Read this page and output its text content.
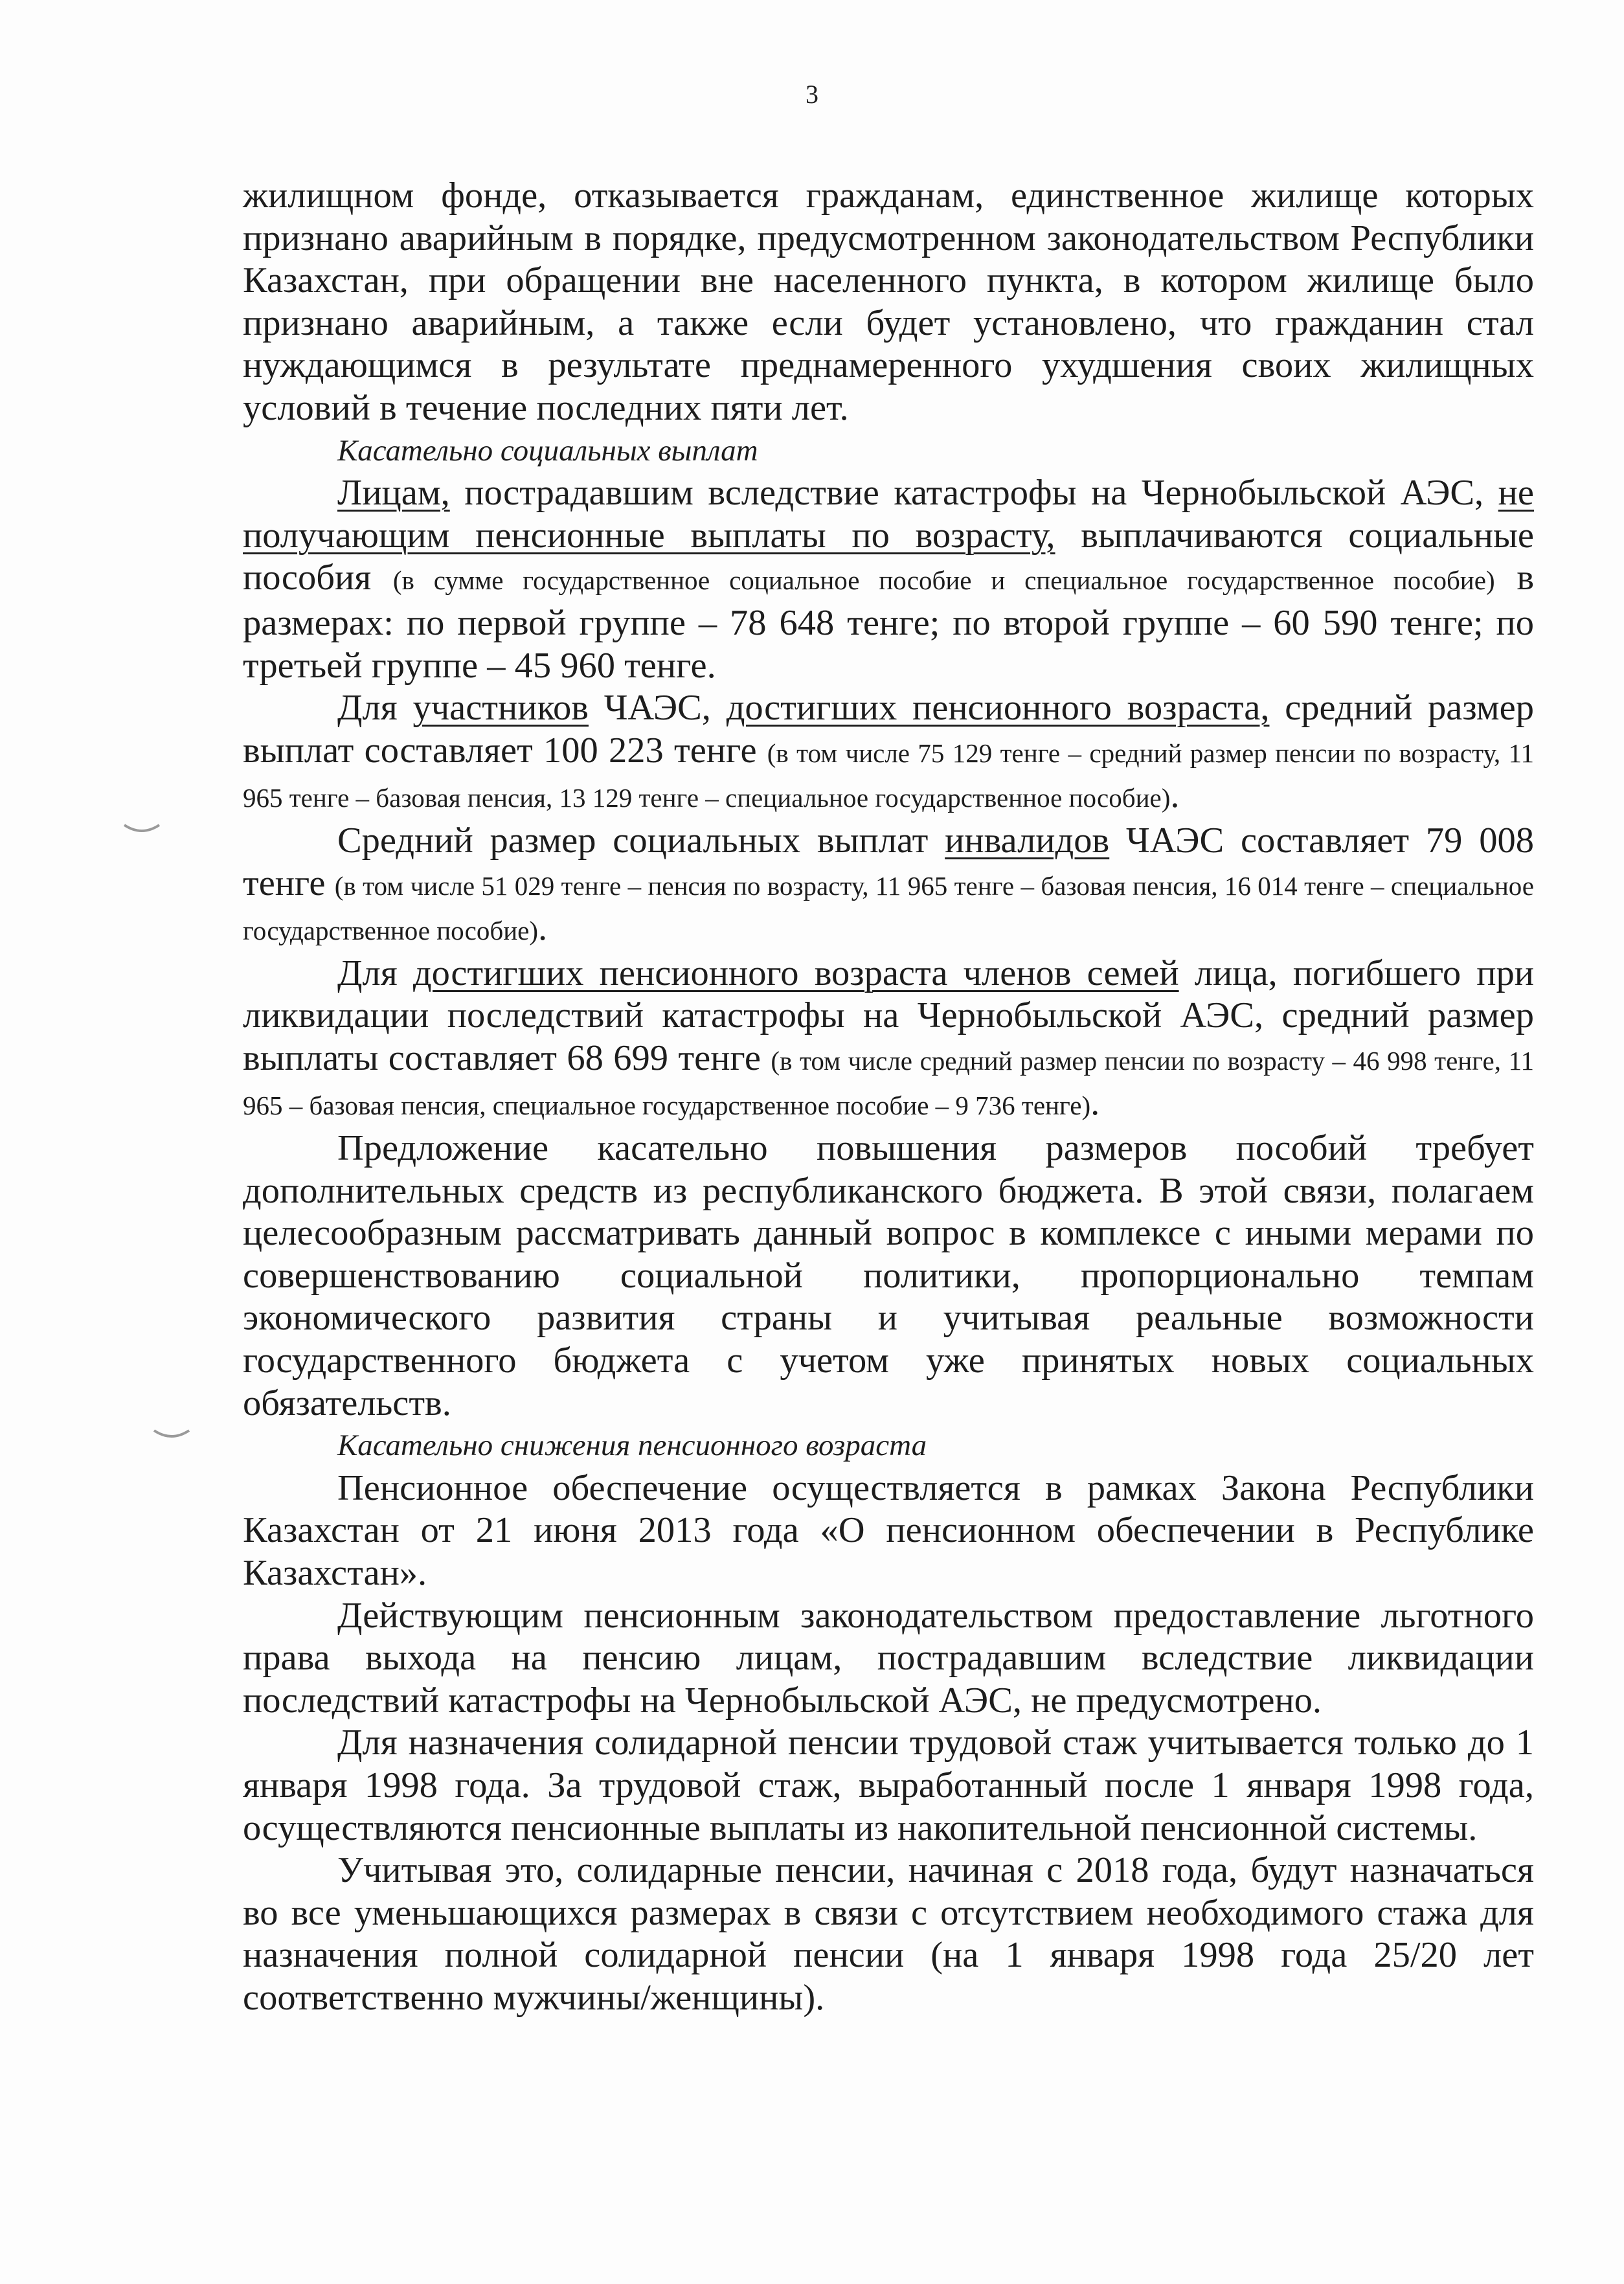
3

жилищном фонде, отказывается гражданам, единственное жилище которых признано аварийным в порядке, предусмотренном законодательством Республики Казахстан, при обращении вне населенного пункта, в котором жилище было признано аварийным, а также если будет установлено, что гражданин стал нуждающимся в результате преднамеренного ухудшения своих жилищных условий в течение последних пяти лет.

Касательно социальных выплат

Лицам, пострадавшим вследствие катастрофы на Чернобыльской АЭС, не получающим пенсионные выплаты по возрасту, выплачиваются социальные пособия (в сумме государственное социальное пособие и специальное государственное пособие) в размерах: по первой группе – 78 648 тенге; по второй группе – 60 590 тенге; по третьей группе – 45 960 тенге.

Для участников ЧАЭС, достигших пенсионного возраста, средний размер выплат составляет 100 223 тенге (в том числе 75 129 тенге – средний размер пенсии по возрасту, 11 965 тенге – базовая пенсия, 13 129 тенге – специальное государственное пособие).

Средний размер социальных выплат инвалидов ЧАЭС составляет 79 008 тенге (в том числе 51 029 тенге – пенсия по возрасту, 11 965 тенге – базовая пенсия, 16 014 тенге – специальное государственное пособие).

Для достигших пенсионного возраста членов семей лица, погибшего при ликвидации последствий катастрофы на Чернобыльской АЭС, средний размер выплаты составляет 68 699 тенге (в том числе средний размер пенсии по возрасту – 46 998 тенге, 11 965 – базовая пенсия, специальное государственное пособие – 9 736 тенге).

Предложение касательно повышения размеров пособий требует дополнительных средств из республиканского бюджета. В этой связи, полагаем целесообразным рассматривать данный вопрос в комплексе с иными мерами по совершенствованию социальной политики, пропорционально темпам экономического развития страны и учитывая реальные возможности государственного бюджета с учетом уже принятых новых социальных обязательств.

Касательно снижения пенсионного возраста

Пенсионное обеспечение осуществляется в рамках Закона Республики Казахстан от 21 июня 2013 года «О пенсионном обеспечении в Республике Казахстан».

Действующим пенсионным законодательством предоставление льготного права выхода на пенсию лицам, пострадавшим вследствие ликвидации последствий катастрофы на Чернобыльской АЭС, не предусмотрено.

Для назначения солидарной пенсии трудовой стаж учитывается только до 1 января 1998 года. За трудовой стаж, выработанный после 1 января 1998 года, осуществляются пенсионные выплаты из накопительной пенсионной системы.

Учитывая это, солидарные пенсии, начиная с 2018 года, будут назначаться во все уменьшающихся размерах в связи с отсутствием необходимого стажа для назначения полной солидарной пенсии (на 1 января 1998 года 25/20 лет соответственно мужчины/женщины).
